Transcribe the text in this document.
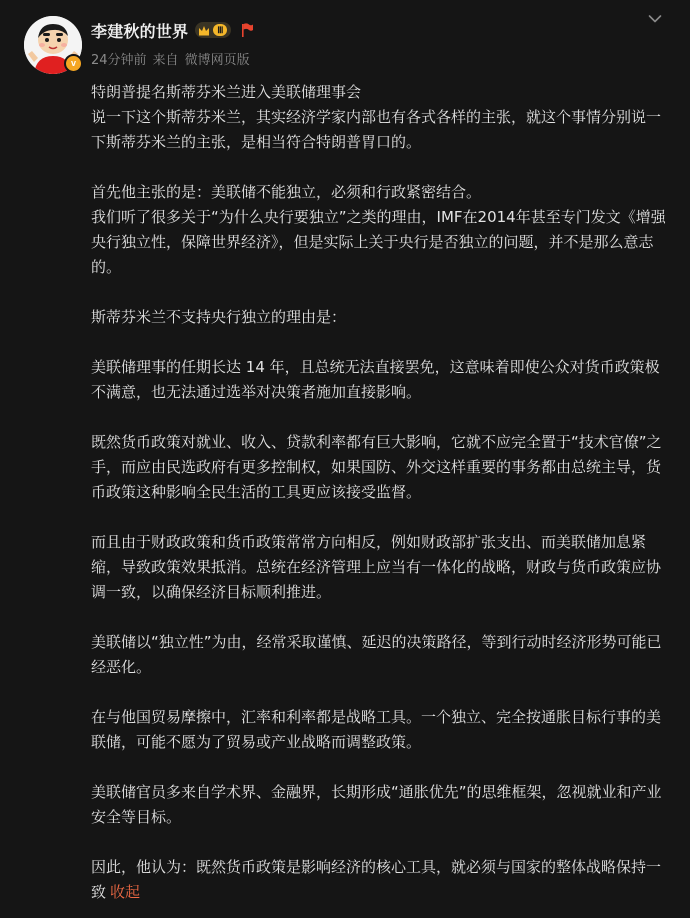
v
李建秋的世界	Ⅲ
24分钟前 来自 微博网页版

特朗普提名斯蒂芬米兰进入美联储理事会

说一下这个斯蒂芬米兰，其实经济学家内部也有各式各样的主张，就这个事情分别说一下斯蒂芬米兰的主张，是相当符合特朗普胃口的。

首先他主张的是：美联储不能独立，必须和行政紧密结合。

我们听了很多关于“为什么央行要独立”之类的理由，IMF在2014年甚至专门发文《增强央行独立性，保障世界经济》，但是实际上关于央行是否独立的问题，并不是那么意志的。

斯蒂芬米兰不支持央行独立的理由是：

美联储理事的任期长达 14 年，且总统无法直接罢免，这意味着即使公众对货币政策极不满意，也无法通过选举对决策者施加直接影响。

既然货币政策对就业、收入、贷款利率都有巨大影响，它就不应完全置于“技术官僚”之手，而应由民选政府有更多控制权，如果国防、外交这样重要的事务都由总统主导，货币政策这种影响全民生活的工具更应该接受监督。

而且由于财政政策和货币政策常常方向相反，例如财政部扩张支出、而美联储加息紧缩，导致政策效果抵消。总统在经济管理上应当有一体化的战略，财政与货币政策应协调一致，以确保经济目标顺利推进。

美联储以“独立性”为由，经常采取谨慎、延迟的决策路径，等到行动时经济形势可能已经恶化。

在与他国贸易摩擦中，汇率和利率都是战略工具。一个独立、完全按通胀目标行事的美联储，可能不愿为了贸易或产业战略而调整政策。

美联储官员多来自学术界、金融界，长期形成“通胀优先”的思维框架，忽视就业和产业安全等目标。

因此，他认为：既然货币政策是影响经济的核心工具，就必须与国家的整体战略保持一致 收起
